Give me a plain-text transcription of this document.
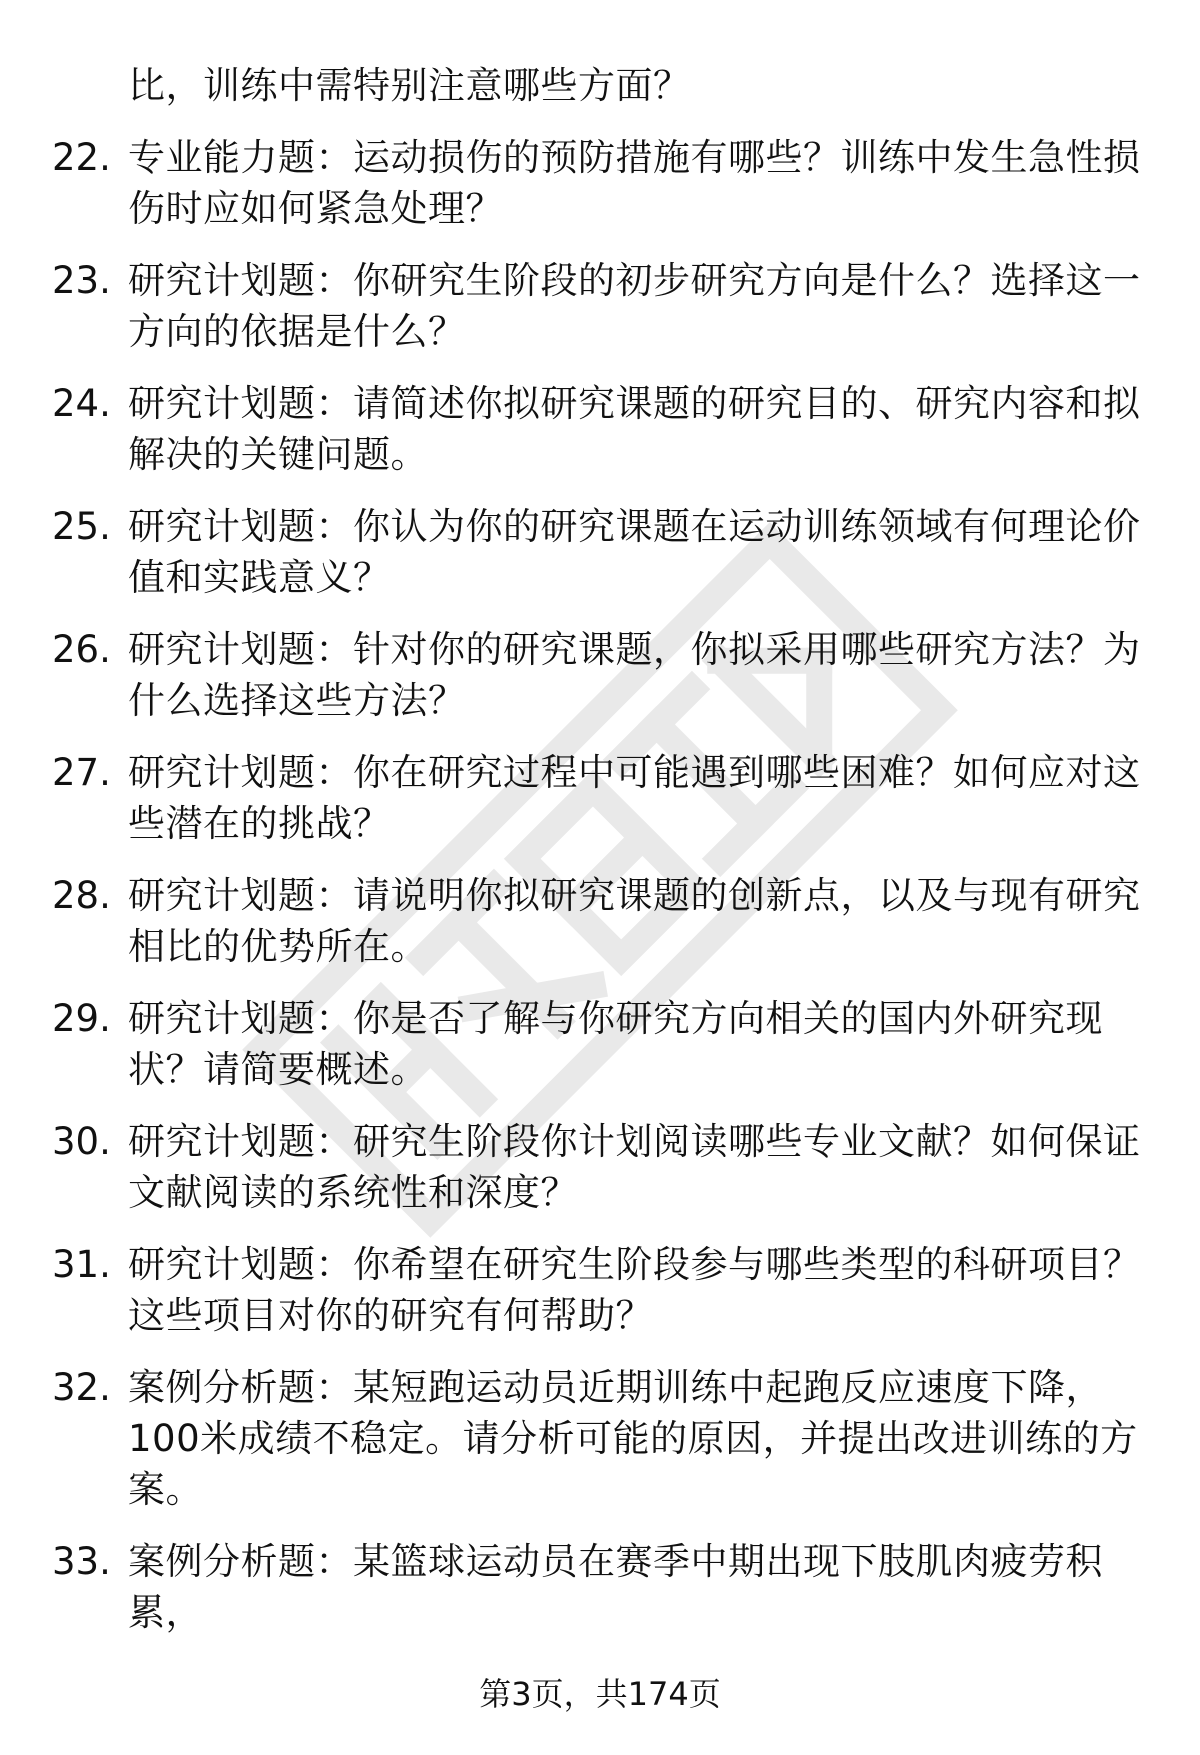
比，训练中需特别注意哪些方面？
22. 专业能力题：运动损伤的预防措施有哪些？训练中发生急性损伤时应如何紧急处理？
23. 研究计划题：你研究生阶段的初步研究方向是什么？选择这一方向的依据是什么？
24. 研究计划题：请简述你拟研究课题的研究目的、研究内容和拟解决的关键问题。
25. 研究计划题：你认为你的研究课题在运动训练领域有何理论价值和实践意义？
26. 研究计划题：针对你的研究课题，你拟采用哪些研究方法？为什么选择这些方法？
27. 研究计划题：你在研究过程中可能遇到哪些困难？如何应对这些潜在的挑战？
28. 研究计划题：请说明你拟研究课题的创新点，以及与现有研究相比的优势所在。
29. 研究计划题：你是否了解与你研究方向相关的国内外研究现状？请简要概述。
30. 研究计划题：研究生阶段你计划阅读哪些专业文献？如何保证文献阅读的系统性和深度？
31. 研究计划题：你希望在研究生阶段参与哪些类型的科研项目？这些项目对你的研究有何帮助？
32. 案例分析题：某短跑运动员近期训练中起跑反应速度下降，100米成绩不稳定。请分析可能的原因，并提出改进训练的方案。
33. 案例分析题：某篮球运动员在赛季中期出现下肢肌肉疲劳积累，
第3页，共174页
